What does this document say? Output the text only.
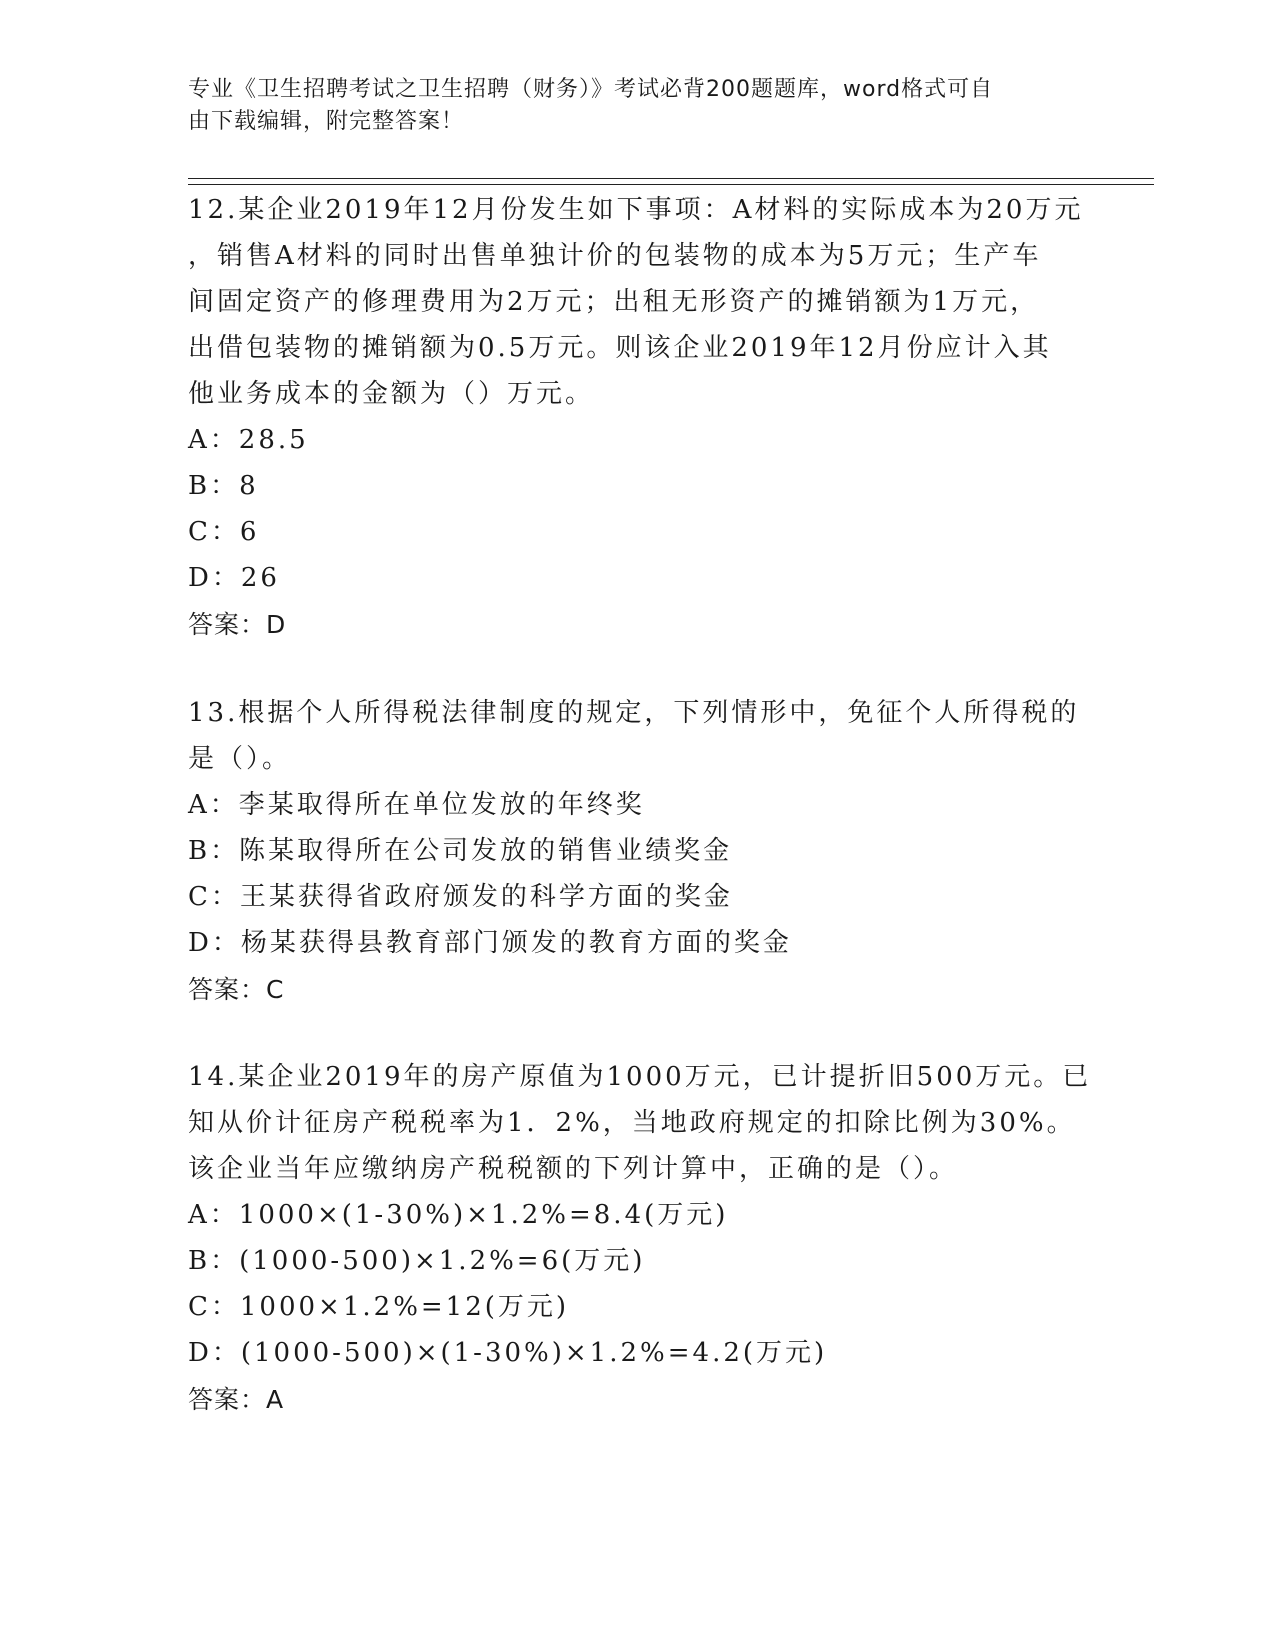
专业《卫生招聘考试之卫生招聘（财务）》考试必背200题题库，word格式可自
由下载编辑，附完整答案！
12.某企业2019年12月份发生如下事项：A材料的实际成本为20万元
，销售A材料的同时出售单独计价的包装物的成本为5万元；生产车
间固定资产的修理费用为2万元；出租无形资产的摊销额为1万元，
出借包装物的摊销额为0.5万元。则该企业2019年12月份应计入其
他业务成本的金额为（）万元。
A：28.5
B：8
C：6
D：26
答案：D
13.根据个人所得税法律制度的规定，下列情形中，免征个人所得税的
是（）。
A：李某取得所在单位发放的年终奖
B：陈某取得所在公司发放的销售业绩奖金
C：王某获得省政府颁发的科学方面的奖金
D：杨某获得县教育部门颁发的教育方面的奖金
答案：C
14.某企业2019年的房产原值为1000万元，已计提折旧500万元。已
知从价计征房产税税率为1．2%，当地政府规定的扣除比例为30%。
该企业当年应缴纳房产税税额的下列计算中，正确的是（）。
A：1000×(1-30%)×1.2%=8.4(万元)
B：(1000-500)×1.2%=6(万元)
C：1000×1.2%=12(万元)
D：(1000-500)×(1-30%)×1.2%=4.2(万元)
答案：A
